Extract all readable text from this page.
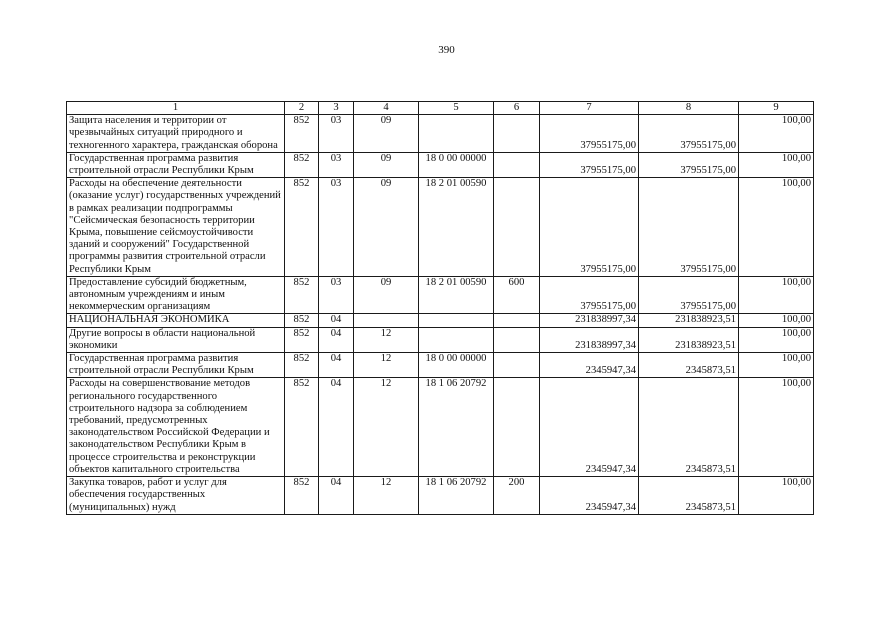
390
1	2	3	4	5	6	7	8	9
Защита населения и территории от чрезвычайных ситуаций природного и техногенного характера, гражданская оборона	852	03	09			37955175,00	37955175,00	100,00
Государственная программа развития строительной отрасли Республики Крым	852	03	09	18 0 00 00000		37955175,00	37955175,00	100,00
Расходы на обеспечение деятельности (оказание услуг) государственных учреждений в рамках реализации подпрограммы "Сейсмическая безопасность территории Крыма, повышение сейсмоустойчивости зданий и сооружений" Государственной программы развития строительной отрасли Республики Крым	852	03	09	18 2 01 00590		37955175,00	37955175,00	100,00
Предоставление субсидий бюджетным, автономным учреждениям и иным некоммерческим организациям	852	03	09	18 2 01 00590	600	37955175,00	37955175,00	100,00
НАЦИОНАЛЬНАЯ ЭКОНОМИКА	852	04				231838997,34	231838923,51	100,00
Другие вопросы в области национальной экономики	852	04	12			231838997,34	231838923,51	100,00
Государственная программа развития строительной отрасли Республики Крым	852	04	12	18 0 00 00000		2345947,34	2345873,51	100,00
Расходы на совершенствование методов регионального государственного строительного надзора за соблюдением требований, предусмотренных законодательством Российской Федерации и законодательством Республики Крым в процессе строительства и реконструкции объектов капитального строительства	852	04	12	18 1 06 20792		2345947,34	2345873,51	100,00
Закупка товаров, работ и услуг для обеспечения государственных (муниципальных) нужд	852	04	12	18 1 06 20792	200	2345947,34	2345873,51	100,00
